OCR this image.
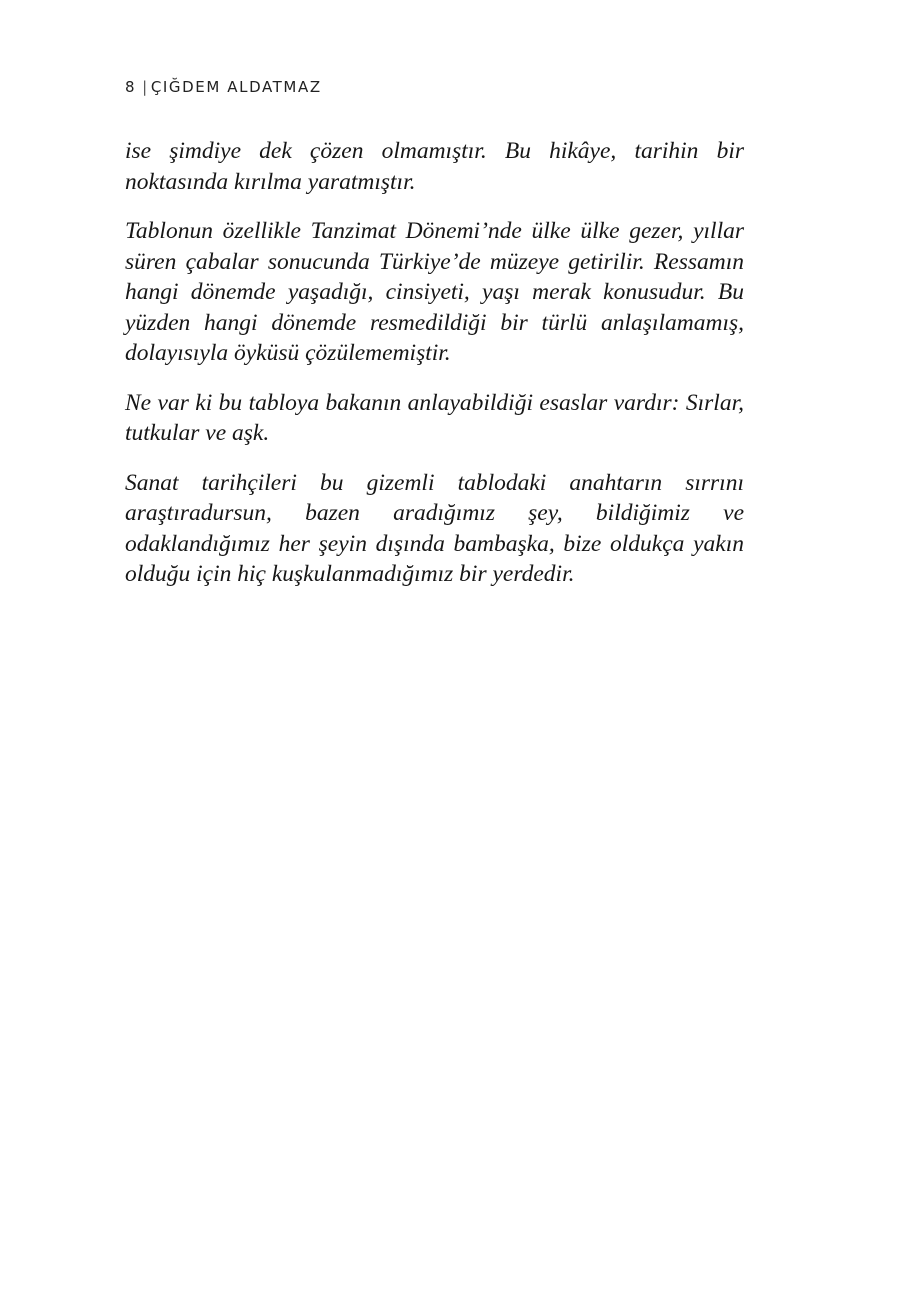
8 | ÇIĞDEM ALDATMAZ

ise şimdiye dek çözen olmamıştır. Bu hikâye, tarihin bir noktasında kırılma yaratmıştır.

Tablonun özellikle Tanzimat Dönemi’nde ülke ülke gezer, yıllar süren çabalar sonucunda Türkiye’de müzeye getirilir. Ressamın hangi dönemde yaşadığı, cinsiyeti, yaşı merak konusudur. Bu yüzden hangi dönemde resmedildiği bir türlü anlaşılamamış, dolayısıyla öyküsü çözülememiştir.

Ne var ki bu tabloya bakanın anlayabildiği esaslar vardır: Sırlar, tutkular ve aşk.

Sanat tarihçileri bu gizemli tablodaki anahtarın sırrını araştıradursun, bazen aradığımız şey, bildiğimiz ve odaklandığımız her şeyin dışında bambaşka, bize oldukça yakın olduğu için hiç kuşkulanmadığımız bir yerdedir.
